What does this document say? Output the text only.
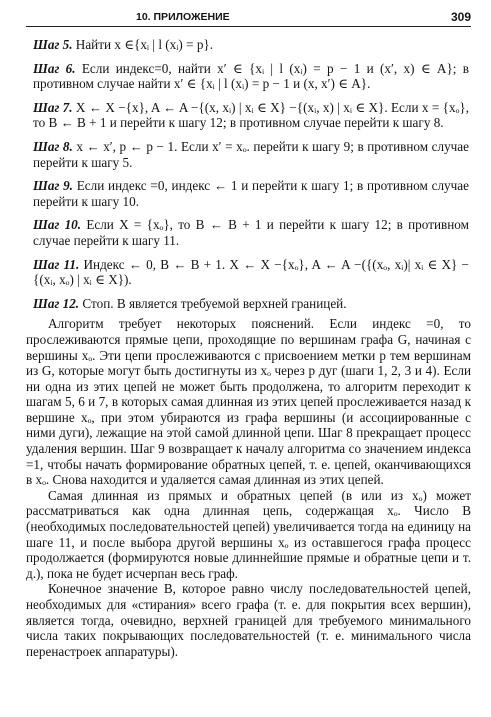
10. ПРИЛОЖЕНИЕ	309

Шаг 5. Найти x ∈{xᵢ | l (xᵢ) = p}.

Шаг 6. Если индекс=0, найти x′ ∈ {xᵢ | l (xᵢ) = p − 1 и (x′, x) ∈ A}; в противном случае найти x′ ∈ {xᵢ | l (xᵢ) = p − 1 и (x, x′) ∈ A}.

Шаг 7. X ← X −{x}, A ← A −{(x, xᵢ) | xᵢ ∈ X} −{(xᵢ, x) | xᵢ ∈ X}. Если x = {xₒ}, то B ← B + 1 и перейти к шагу 12; в противном случае перейти к шагу 8.

Шаг 8. x ← x′, p ← p − 1. Если x′ = xₒ. перейти к шагу 9; в противном случае перейти к шагу 5.

Шаг 9. Если индекс =0, индекс ← 1 и перейти к шагу 1; в противном случае перейти к шагу 10.

Шаг 10. Если X = {xₒ}, то B ← B + 1 и перейти к шагу 12; в противном случае перейти к шагу 11.

Шаг 11. Индекс ← 0, B ← B + 1. X ← X −{xₒ}, A ← A −({(xₒ, xᵢ)| xᵢ ∈ X} −{(xᵢ, xₒ) | xᵢ ∈ X}).

Шаг 12. Стоп. B является требуемой верхней границей.

Алгоритм требует некоторых пояснений. Если индекс =0, то прослеживаются прямые цепи, проходящие по вершинам графа G, начиная с вершины xₒ. Эти цепи прослеживаются с присвоением метки p тем вершинам из G, которые могут быть достигнуты из xₒ через p дуг (шаги 1, 2, 3 и 4). Если ни одна из этих цепей не может быть продолжена, то алгоритм переходит к шагам 5, 6 и 7, в которых самая длинная из этих цепей прослеживается назад к вершине xₒ, при этом убираются из графа вершины (и ассоциированные с ними дуги), лежащие на этой самой длинной цепи. Шаг 8 прекращает процесс удаления вершин. Шаг 9 возвращает к началу алгоритма со значением индекса =1, чтобы начать формирование обратных цепей, т. е. цепей, оканчивающихся в xₒ. Снова находится и удаляется самая длинная из этих цепей.

Самая длинная из прямых и обратных цепей (в или из xₒ) может рассматриваться как одна длинная цепь, содержащая xₒ. Число B (необходимых последовательностей цепей) увеличивается тогда на единицу на шаге 11, и после выбора другой вершины xₒ из оставшегося графа процесс продолжается (формируются новые длиннейшие прямые и обратные цепи и т. д.), пока не будет исчерпан весь граф.

Конечное значение B, которое равно числу последовательностей цепей, необходимых для «стирания» всего графа (т. е. для покрытия всех вершин), является тогда, очевидно, верхней границей для требуемого минимального числа таких покрывающих последовательностей (т. е. минимального числа перенастроек аппаратуры).
